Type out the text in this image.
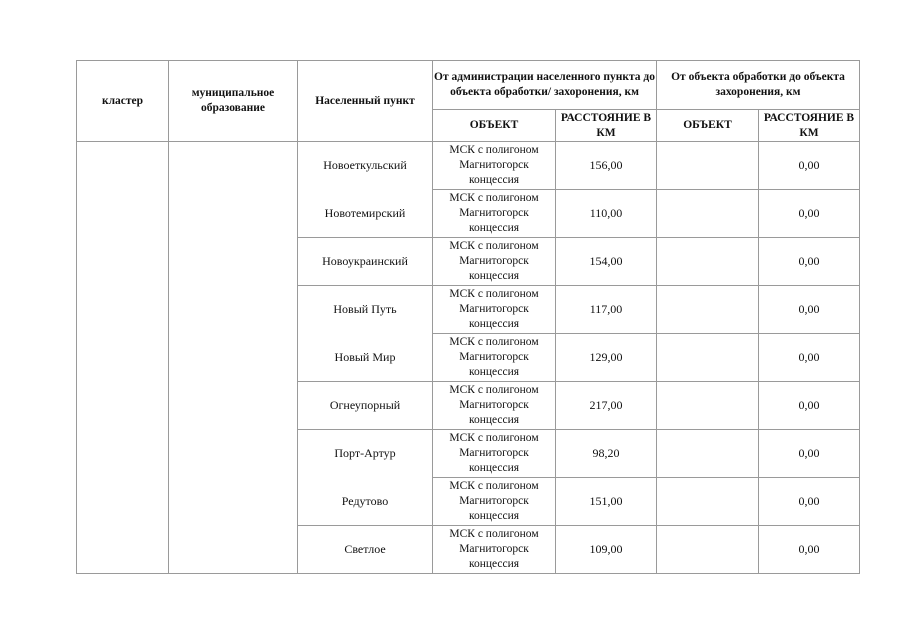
кластер	муниципальное образование	Населенный пункт	От администрации населенного пункта до объекта обработки/ захоронения, км		От объекта обработки до объекта захоронения, км	
			ОБЪЕКТ	РАССТОЯНИЕ В КМ	ОБЪЕКТ	РАССТОЯНИЕ В КМ
		Новоеткульский	МСК с полигоном Магнитогорск концессия	156,00		0,00
		Новотемирский	МСК с полигоном Магнитогорск концессия	110,00		0,00
		Новоукраинский	МСК с полигоном Магнитогорск концессия	154,00		0,00
		Новый Путь	МСК с полигоном Магнитогорск концессия	117,00		0,00
		Новый Мир	МСК с полигоном Магнитогорск концессия	129,00		0,00
		Огнеупорный	МСК с полигоном Магнитогорск концессия	217,00		0,00
		Порт-Артур	МСК с полигоном Магнитогорск концессия	98,20		0,00
		Редутово	МСК с полигоном Магнитогорск концессия	151,00		0,00
		Светлое	МСК с полигоном Магнитогорск концессия	109,00		0,00
